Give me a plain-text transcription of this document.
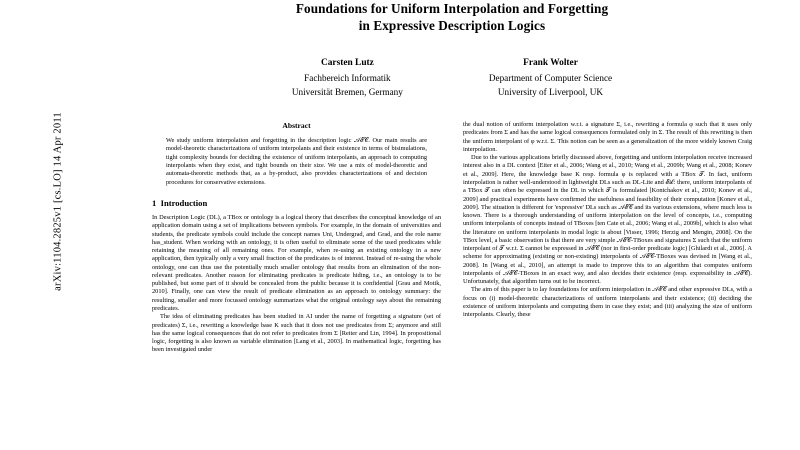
arXiv:1104.2825v1 [cs.LO] 14 Apr 2011
Foundations for Uniform Interpolation and Forgetting
in Expressive Description Logics
Carsten Lutz
Fachbereich Informatik
Universität Bremen, Germany
Frank Wolter
Department of Computer Science
University of Liverpool, UK
Abstract
We study uniform interpolation and forgetting in the description logic 𝒜ℰ𝒞. Our main results are model-theoretic characterizations of uniform interpolants and their existence in terms of bisimulations, tight complexity bounds for deciding the existence of uniform interpolants, an approach to computing interpolants when they exist, and tight bounds on their size. We use a mix of model-theoretic and automata-theoretic methods that, as a by-product, also provides characterizations of and decision procedures for conservative extensions.
1 Introduction

In Description Logic (DL), a TBox or ontology is a logical theory that describes the conceptual knowledge of an application domain using a set of implications between symbols. For example, in the domain of universities and students, the predicate symbols could include the concept names Uni, Undergrad, and Grad, and the role name has_student. When working with an ontology, it is often useful to eliminate some of the used predicates while retaining the meaning of all remaining ones. For example, when re-using an existing ontology in a new application, then typically only a very small fraction of the predicates is of interest. Instead of re-using the whole ontology, one can thus use the potentially much smaller ontology that results from an elimination of the non-relevant predicates. Another reason for eliminating predicates is predicate hiding, i.e., an ontology is to be published, but some part of it should be concealed from the public because it is confidential [Grau and Motik, 2010]. Finally, one can view the result of predicate elimination as an approach to ontology summary: the resulting, smaller and more focussed ontology summarizes what the original ontology says about the remaining predicates.

The idea of eliminating predicates has been studied in AI under the name of forgetting a signature (set of predicates) Σ, i.e., rewriting a knowledge base K such that it does not use predicates from Σ; anymore and still has the same logical consequences that do not refer to predicates from Σ [Reiter and Lin, 1994]. In propositional logic, forgetting is also known as variable elimination [Lang et al., 2003]. In mathematical logic, forgetting has been investigated under

the dual notion of uniform interpolation w.r.t. a signature Σ, i.e., rewriting a formula φ such that it uses only predicates from Σ and has the same logical consequences formulated only in Σ. The result of this rewriting is then the uniform interpolant of φ w.r.t. Σ. This notion can be seen as a generalization of the more widely known Craig interpolation.

Due to the various applications briefly discussed above, forgetting and uniform interpolation receive increased interest also in a DL context [Eiter et al., 2006; Wang et al., 2010; Wang et al., 2009b; Wang et al., 2008; Konev et al., 2009]. Here, the knowledge base K resp. formula φ is replaced with a TBox 𝒯. In fact, uniform interpolation is rather well-understood in lightweight DLs such as DL-Lite and ℰℒ: there, uniform interpolants of a TBox 𝒯 can often be expressed in the DL in which 𝒯 is formulated [Kontchakov et al., 2010; Konev et al., 2009] and practical experiments have confirmed the usefulness and feasibility of their computation [Konev et al., 2009]. The situation is different for 'expressive' DLs such as 𝒜ℰ𝒞 and its various extensions, where much less is known. There is a thorough understanding of uniform interpolation on the level of concepts, i.e., computing uniform interpolants of concepts instead of TBoxes [ten Cate et al., 2006; Wang et al., 2009b], which is also what the literature on uniform interpolants in modal logic is about [Visser, 1996; Herzig and Mengin, 2008]. On the TBox level, a basic observation is that there are very simple 𝒜ℰ𝒞-TBoxes and signatures Σ such that the uniform interpolant of 𝒯 w.r.t. Σ cannot be expressed in 𝒜ℰ𝒞 (nor in first-order predicate logic) [Ghilardi et al., 2006]. A scheme for approximating (existing or non-existing) interpolants of 𝒜ℰ𝒞-TBoxes was devised in [Wang et al., 2008]. In [Wang et al., 2010], an attempt is made to improve this to an algorithm that computes uniform interpolants of 𝒜ℰ𝒞-TBoxes in an exact way, and also decides their existence (resp. expressibility in 𝒜ℰ𝒞). Unfortunately, that algorithm turns out to be incorrect.

The aim of this paper is to lay foundations for uniform interpolation in 𝒜ℰ𝒞 and other expressive DLs, with a focus on (i) model-theoretic characterizations of uniform interpolants and their existence; (ii) deciding the existence of uniform interpolants and computing them in case they exist; and (iii) analyzing the size of uniform interpolants. Clearly, these
